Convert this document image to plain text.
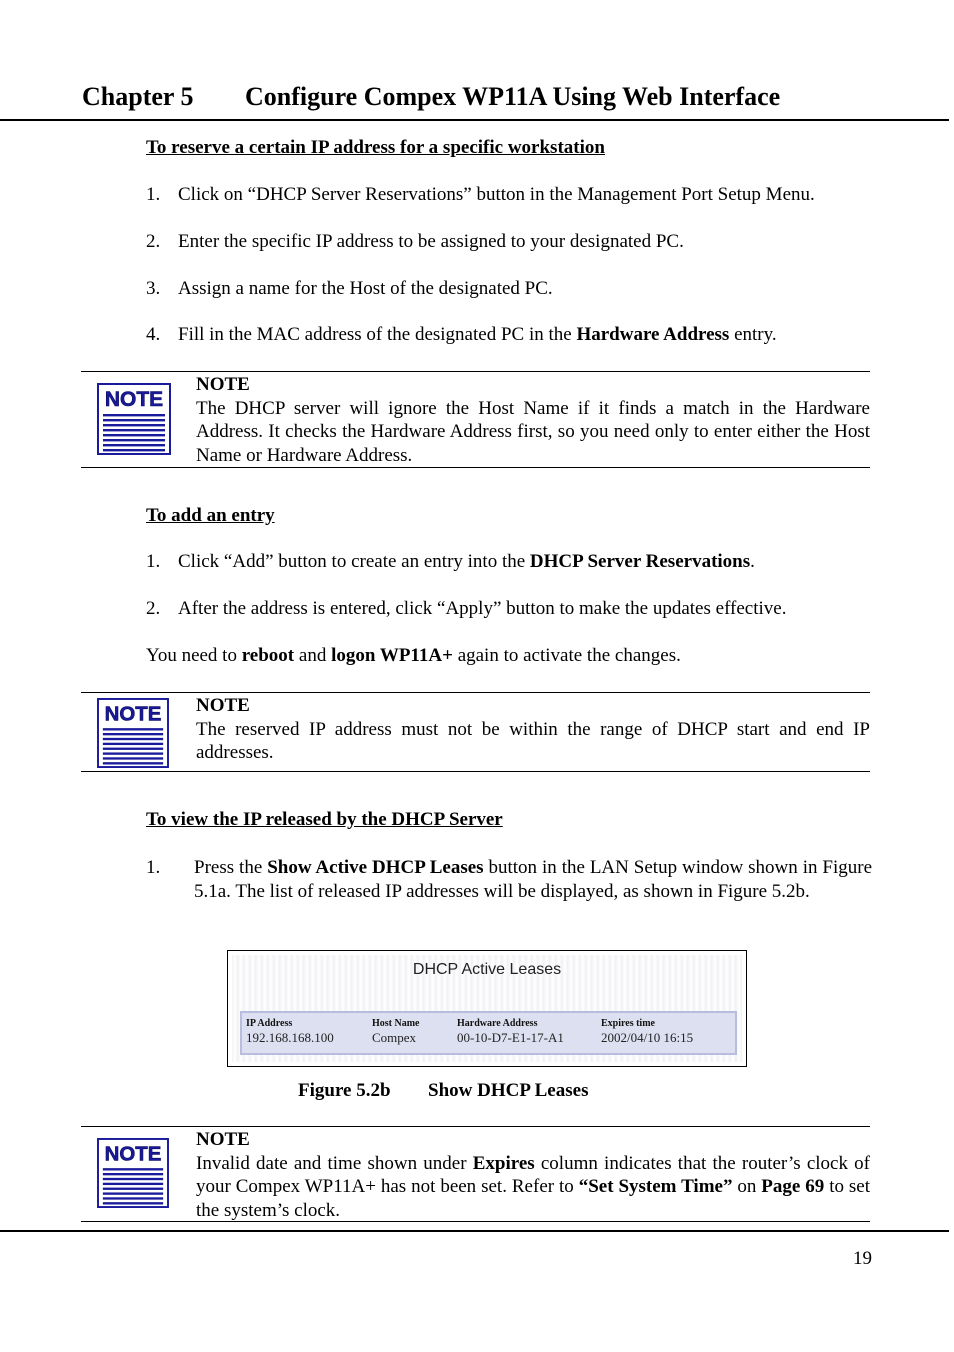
Chapter 5 Configure Compex WP11A Using Web Interface
To reserve a certain IP address for a specific workstation
1. Click on “DHCP Server Reservations” button in the Management Port Setup Menu.
2. Enter the specific IP address to be assigned to your designated PC.
3. Assign a name for the Host of the designated PC.
4. Fill in the MAC address of the designated PC in the Hardware Address entry.
NOTE
NOTE
The DHCP server will ignore the Host Name if it finds a match in the Hardware Address. It checks the Hardware Address first, so you need only to enter either the Host Name or Hardware Address.
To add an entry
1. Click “Add” button to create an entry into the DHCP Server Reservations.
2. After the address is entered, click “Apply” button to make the updates effective.
You need to reboot and logon WP11A+ again to activate the changes.
NOTE NOTE
The reserved IP address must not be within the range of DHCP start and end IP addresses.
To view the IP released by the DHCP Server
1. Press the Show Active DHCP Leases button in the LAN Setup window shown in Figure 5.1a. The list of released IP addresses will be displayed, as shown in Figure 5.2b.
DHCP Active Leases
IP Address
192.168.168.100
Host Name
Compex
Hardware Address
00-10-D7-E1-17-A1
Expires time
2002/04/10 16:15
Figure 5.2b Show DHCP Leases
NOTE
NOTE
Invalid date and time shown under Expires column indicates that the router’s clock of your Compex WP11A+ has not been set. Refer to “Set System Time” on Page 69 to set the system’s clock.
19
